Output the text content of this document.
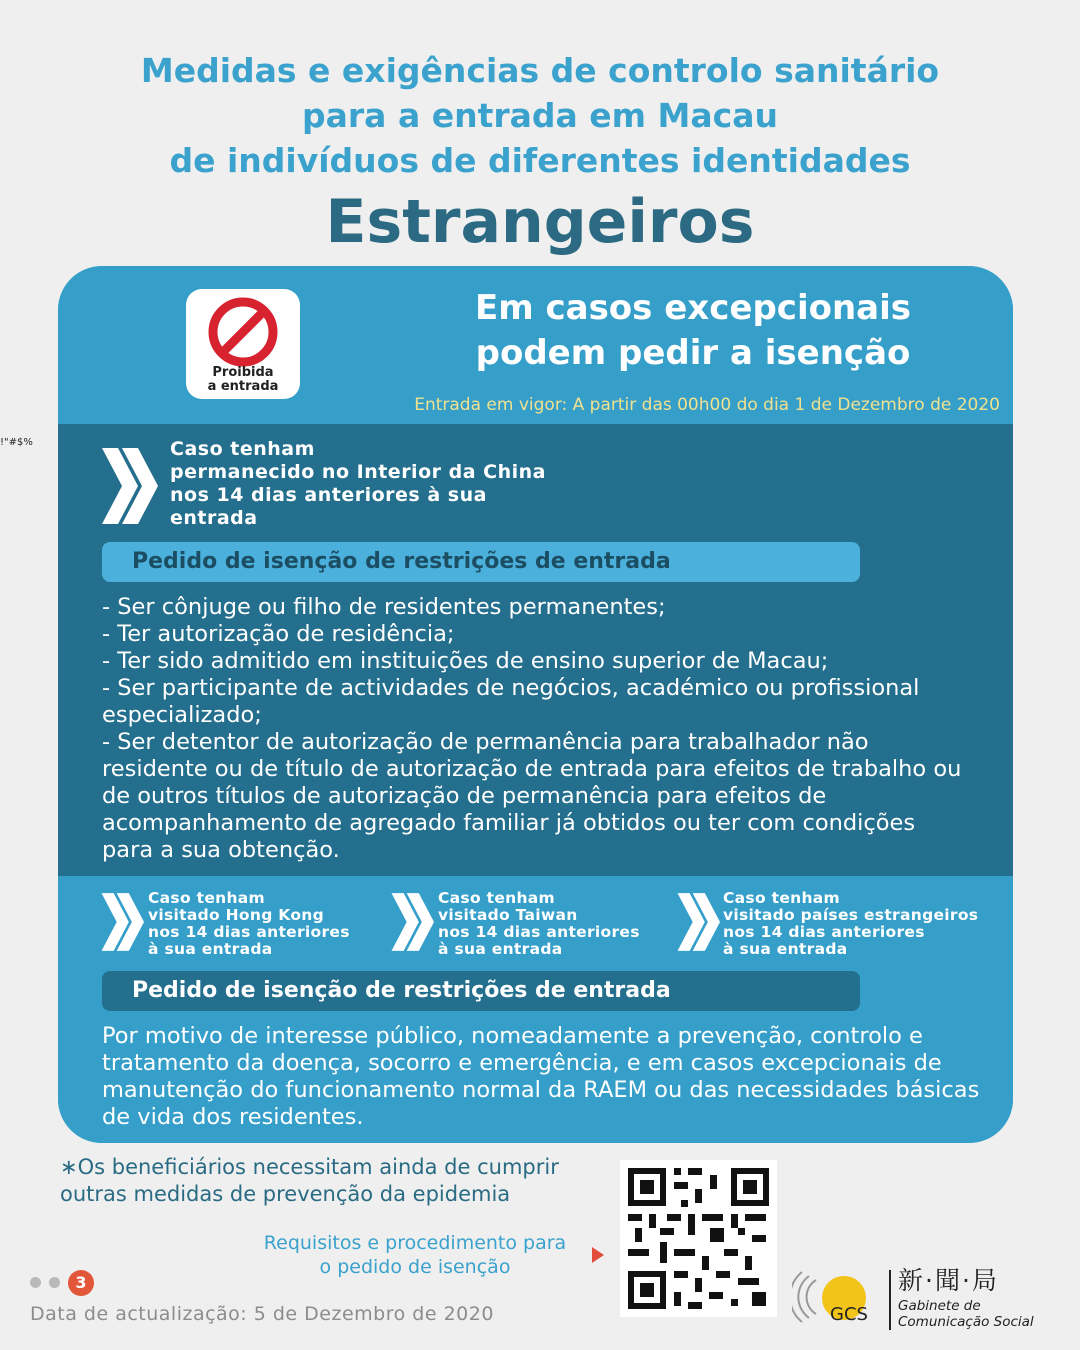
!"#$%
Medidas e exigências de controlo sanitário
para a entrada em Macau
de indivíduos de diferentes identidades
Estrangeiros
Proibida
a entrada
Em casos excepcionais
podem pedir a isenção
Entrada em vigor: A partir das 00h00 do dia 1 de Dezembro de 2020
Caso tenham
permanecido no Interior da China
nos 14 dias anteriores à sua
entrada
Pedido de isenção de restrições de entrada
- Ser cônjuge ou filho de residentes permanentes;
- Ter autorização de residência;
- Ter sido admitido em instituições de ensino superior de Macau;
- Ser participante de actividades de negócios, académico ou profissional especializado;
- Ser detentor de autorização de permanência para trabalhador não residente ou de título de autorização de entrada para efeitos de trabalho ou de outros títulos de autorização de permanência para efeitos de acompanhamento de agregado familiar já obtidos ou ter com condições para a sua obtenção.
Caso tenham
visitado Hong Kong
nos 14 dias anteriores
à sua entrada
Caso tenham
visitado Taiwan
nos 14 dias anteriores
à sua entrada
Caso tenham
visitado países estrangeiros
nos 14 dias anteriores
à sua entrada
Pedido de isenção de restrições de entrada
Por motivo de interesse público, nomeadamente a prevenção, controlo e tratamento da doença, socorro e emergência, e em casos excepcionais de manutenção do funcionamento normal da RAEM ou das necessidades básicas de vida dos residentes.
∗Os beneficiários necessitam ainda de cumprir
outras medidas de prevenção da epidemia
Requisitos e procedimento para
o pedido de isenção
3
Data de actualização: 5 de Dezembro de 2020	GCS
新·聞·局
Gabinete de
Comunicação Social
